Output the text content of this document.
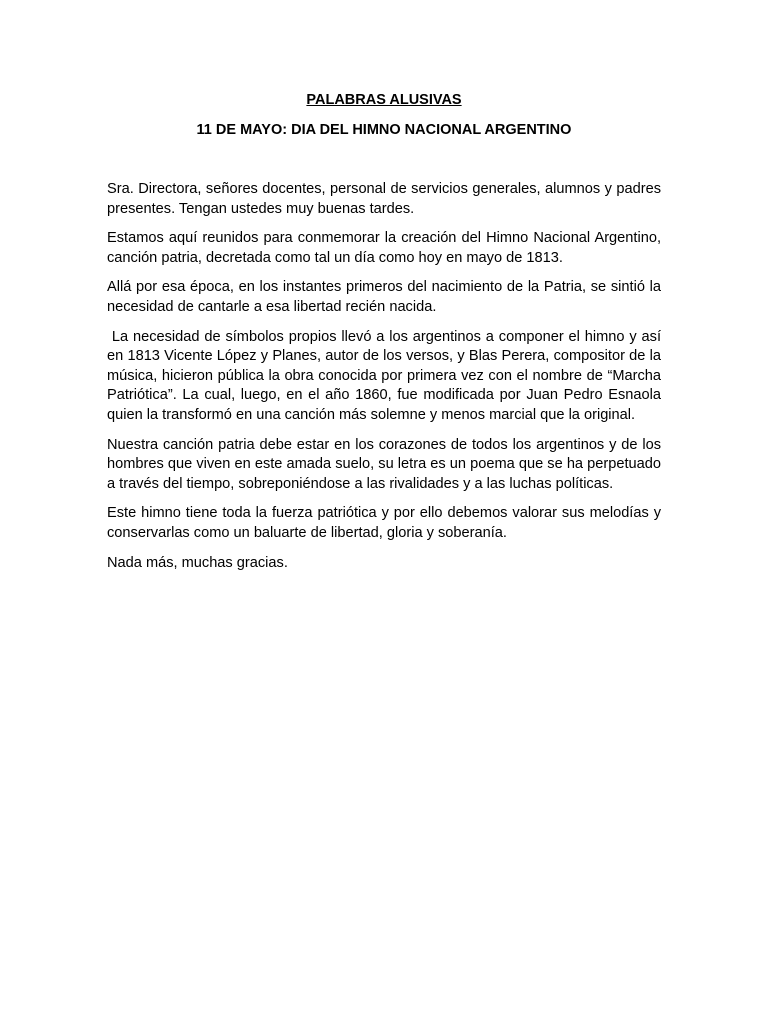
PALABRAS ALUSIVAS
11 DE MAYO: DIA DEL HIMNO NACIONAL ARGENTINO

Sra. Directora, señores docentes, personal de servicios generales, alumnos y padres presentes. Tengan ustedes muy buenas tardes.

Estamos aquí reunidos para conmemorar la creación del Himno Nacional Argentino, canción patria, decretada como tal un día como hoy en mayo de 1813.

Allá por esa época, en los instantes primeros del nacimiento de la Patria, se sintió la necesidad de cantarle a esa libertad recién nacida.

La necesidad de símbolos propios llevó a los argentinos a componer el himno y así en 1813 Vicente López y Planes, autor de los versos, y Blas Perera, compositor de la música, hicieron pública la obra conocida por primera vez con el nombre de “Marcha Patriótica”. La cual, luego, en el año 1860, fue modificada por Juan Pedro Esnaola quien la transformó en una canción más solemne y menos marcial que la original.

Nuestra canción patria debe estar en los corazones de todos los argentinos y de los hombres que viven en este amada suelo, su letra es un poema que se ha perpetuado a través del tiempo, sobreponiéndose a las rivalidades y a las luchas políticas.

Este himno tiene toda la fuerza patriótica y por ello debemos valorar sus melodías y conservarlas como un baluarte de libertad, gloria y soberanía.

Nada más, muchas gracias.
